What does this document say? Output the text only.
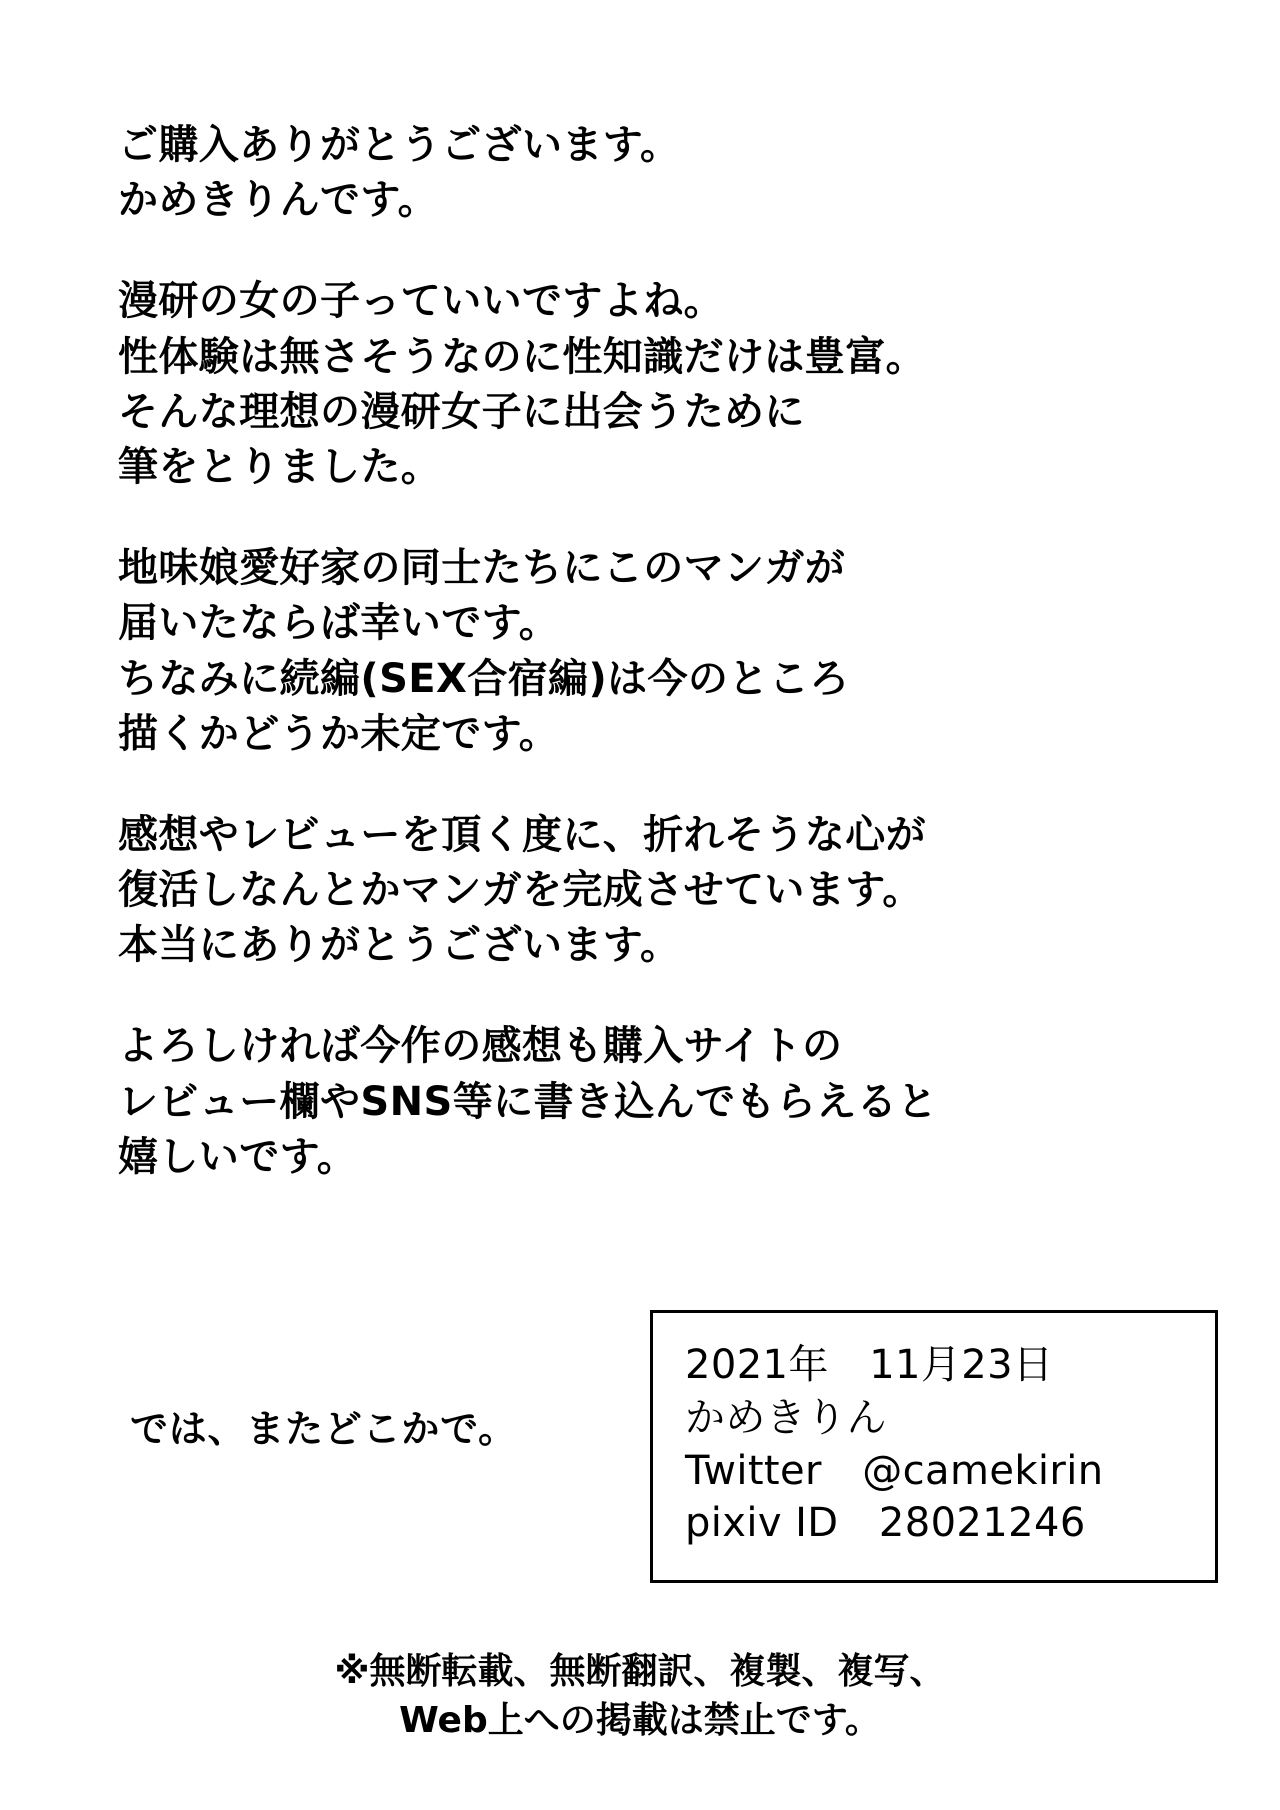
ご購入ありがとうございます。
かめきりんです。
漫研の女の子っていいですよね。
性体験は無さそうなのに性知識だけは豊富。
そんな理想の漫研女子に出会うために
筆をとりました。
地味娘愛好家の同士たちにこのマンガが
届いたならば幸いです。
ちなみに続編(SEX合宿編)は今のところ
描くかどうか未定です。
感想やレビューを頂く度に、折れそうな心が
復活しなんとかマンガを完成させています。
本当にありがとうございます。
よろしければ今作の感想も購入サイトの
レビュー欄やSNS等に書き込んでもらえると
嬉しいです。
では、またどこかで。
2021年　11月23日
かめきりん
Twitter　@camekirin
pixiv ID　28021246
※無断転載、無断翻訳、複製、複写、
Web上への掲載は禁止です。
